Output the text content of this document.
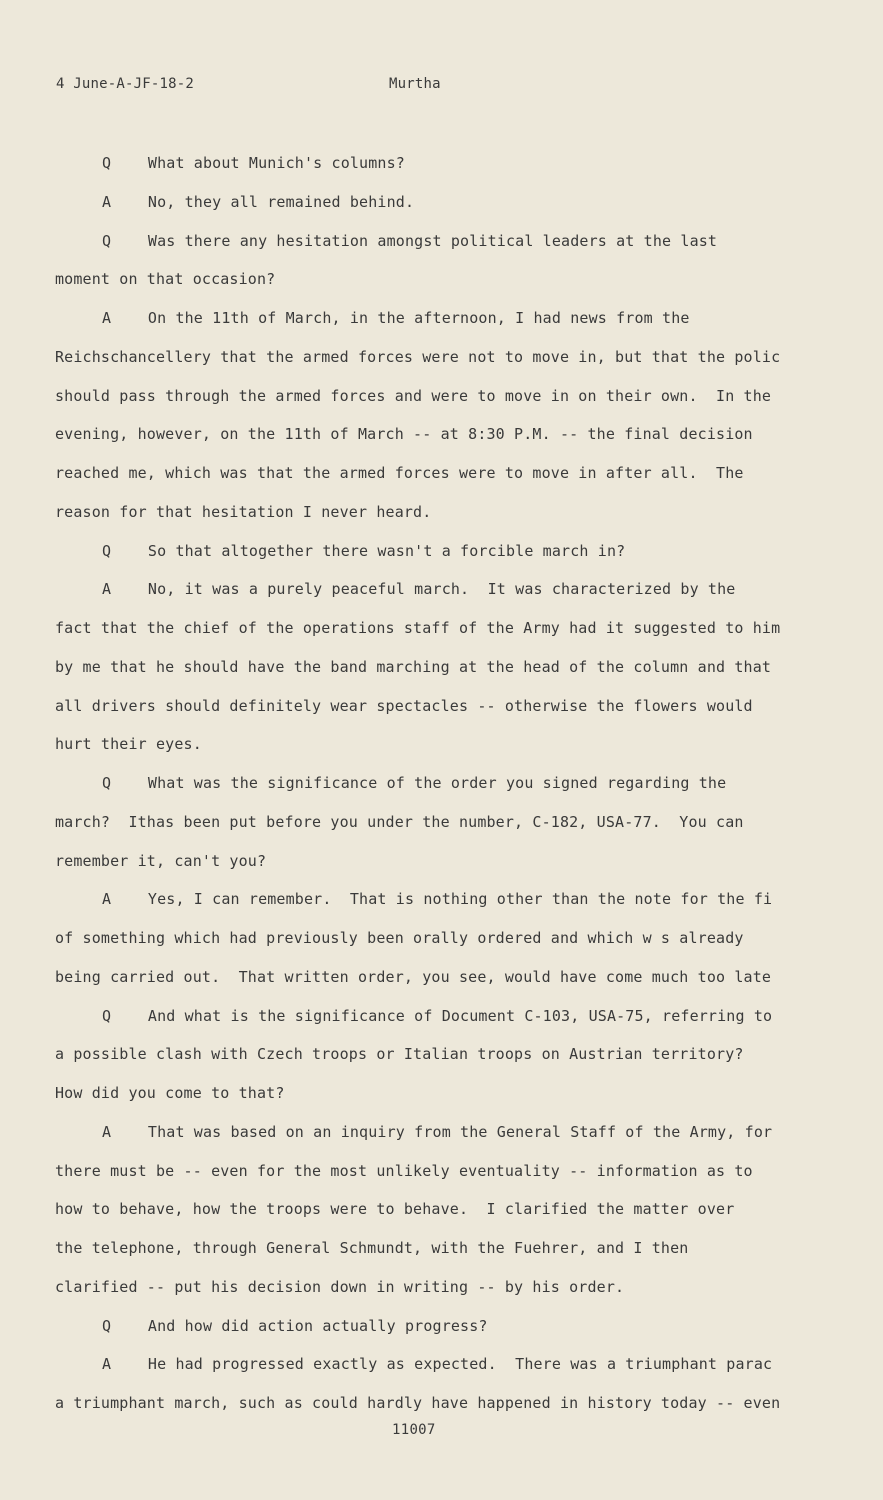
4 June-A-JF-18-2	Murtha
Q    What about Munich's columns?
A    No, they all remained behind.
Q    Was there any hesitation amongst political leaders at the last
moment on that occasion?
A    On the 11th of March, in the afternoon, I had news from the
Reichschancellery that the armed forces were not to move in, but that the polic
should pass through the armed forces and were to move in on their own.  In the
evening, however, on the 11th of March -- at 8:30 P.M. -- the final decision
reached me, which was that the armed forces were to move in after all.  The
reason for that hesitation I never heard.
Q    So that altogether there wasn't a forcible march in?
A    No, it was a purely peaceful march.  It was characterized by the
fact that the chief of the operations staff of the Army had it suggested to him
by me that he should have the band marching at the head of the column and that
all drivers should definitely wear spectacles -- otherwise the flowers would
hurt their eyes.
Q    What was the significance of the order you signed regarding the
march?  Ithas been put before you under the number, C-182, USA-77.  You can
remember it, can't you?
A    Yes, I can remember.  That is nothing other than the note for the fi
of something which had previously been orally ordered and which w s already
being carried out.  That written order, you see, would have come much too late
Q    And what is the significance of Document C-103, USA-75, referring to
a possible clash with Czech troops or Italian troops on Austrian territory?
How did you come to that?
A    That was based on an inquiry from the General Staff of the Army, for
there must be -- even for the most unlikely eventuality -- information as to
how to behave, how the troops were to behave.  I clarified the matter over
the telephone, through General Schmundt, with the Fuehrer, and I then
clarified -- put his decision down in writing -- by his order.
Q    And how did action actually progress?
A    He had progressed exactly as expected.  There was a triumphant parac
a triumphant march, such as could hardly have happened in history today -- even
11007
